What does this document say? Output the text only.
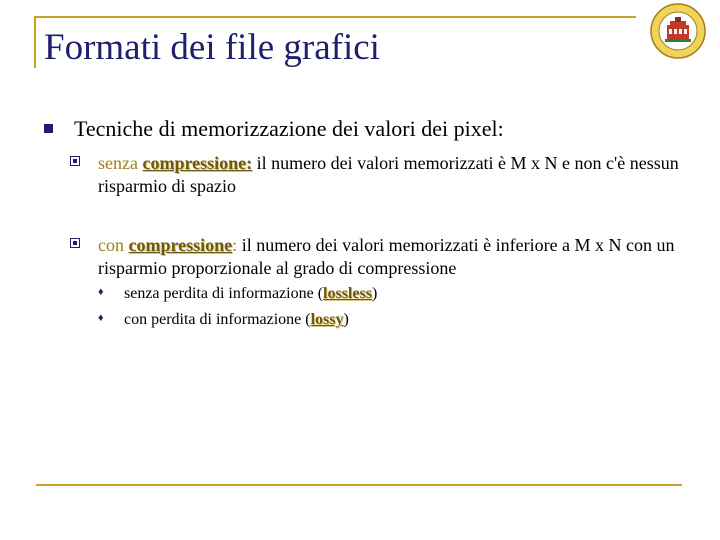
Formati dei file grafici
Tecniche di memorizzazione dei valori dei pixel:
senza compressione: il numero dei valori memorizzati è M x N e non c'è nessun risparmio di spazio
con compressione: il numero dei valori memorizzati è inferiore a M x N con un risparmio proporzionale al grado di compressione
♦ senza perdita di informazione (lossless)
♦ con perdita di informazione (lossy)
